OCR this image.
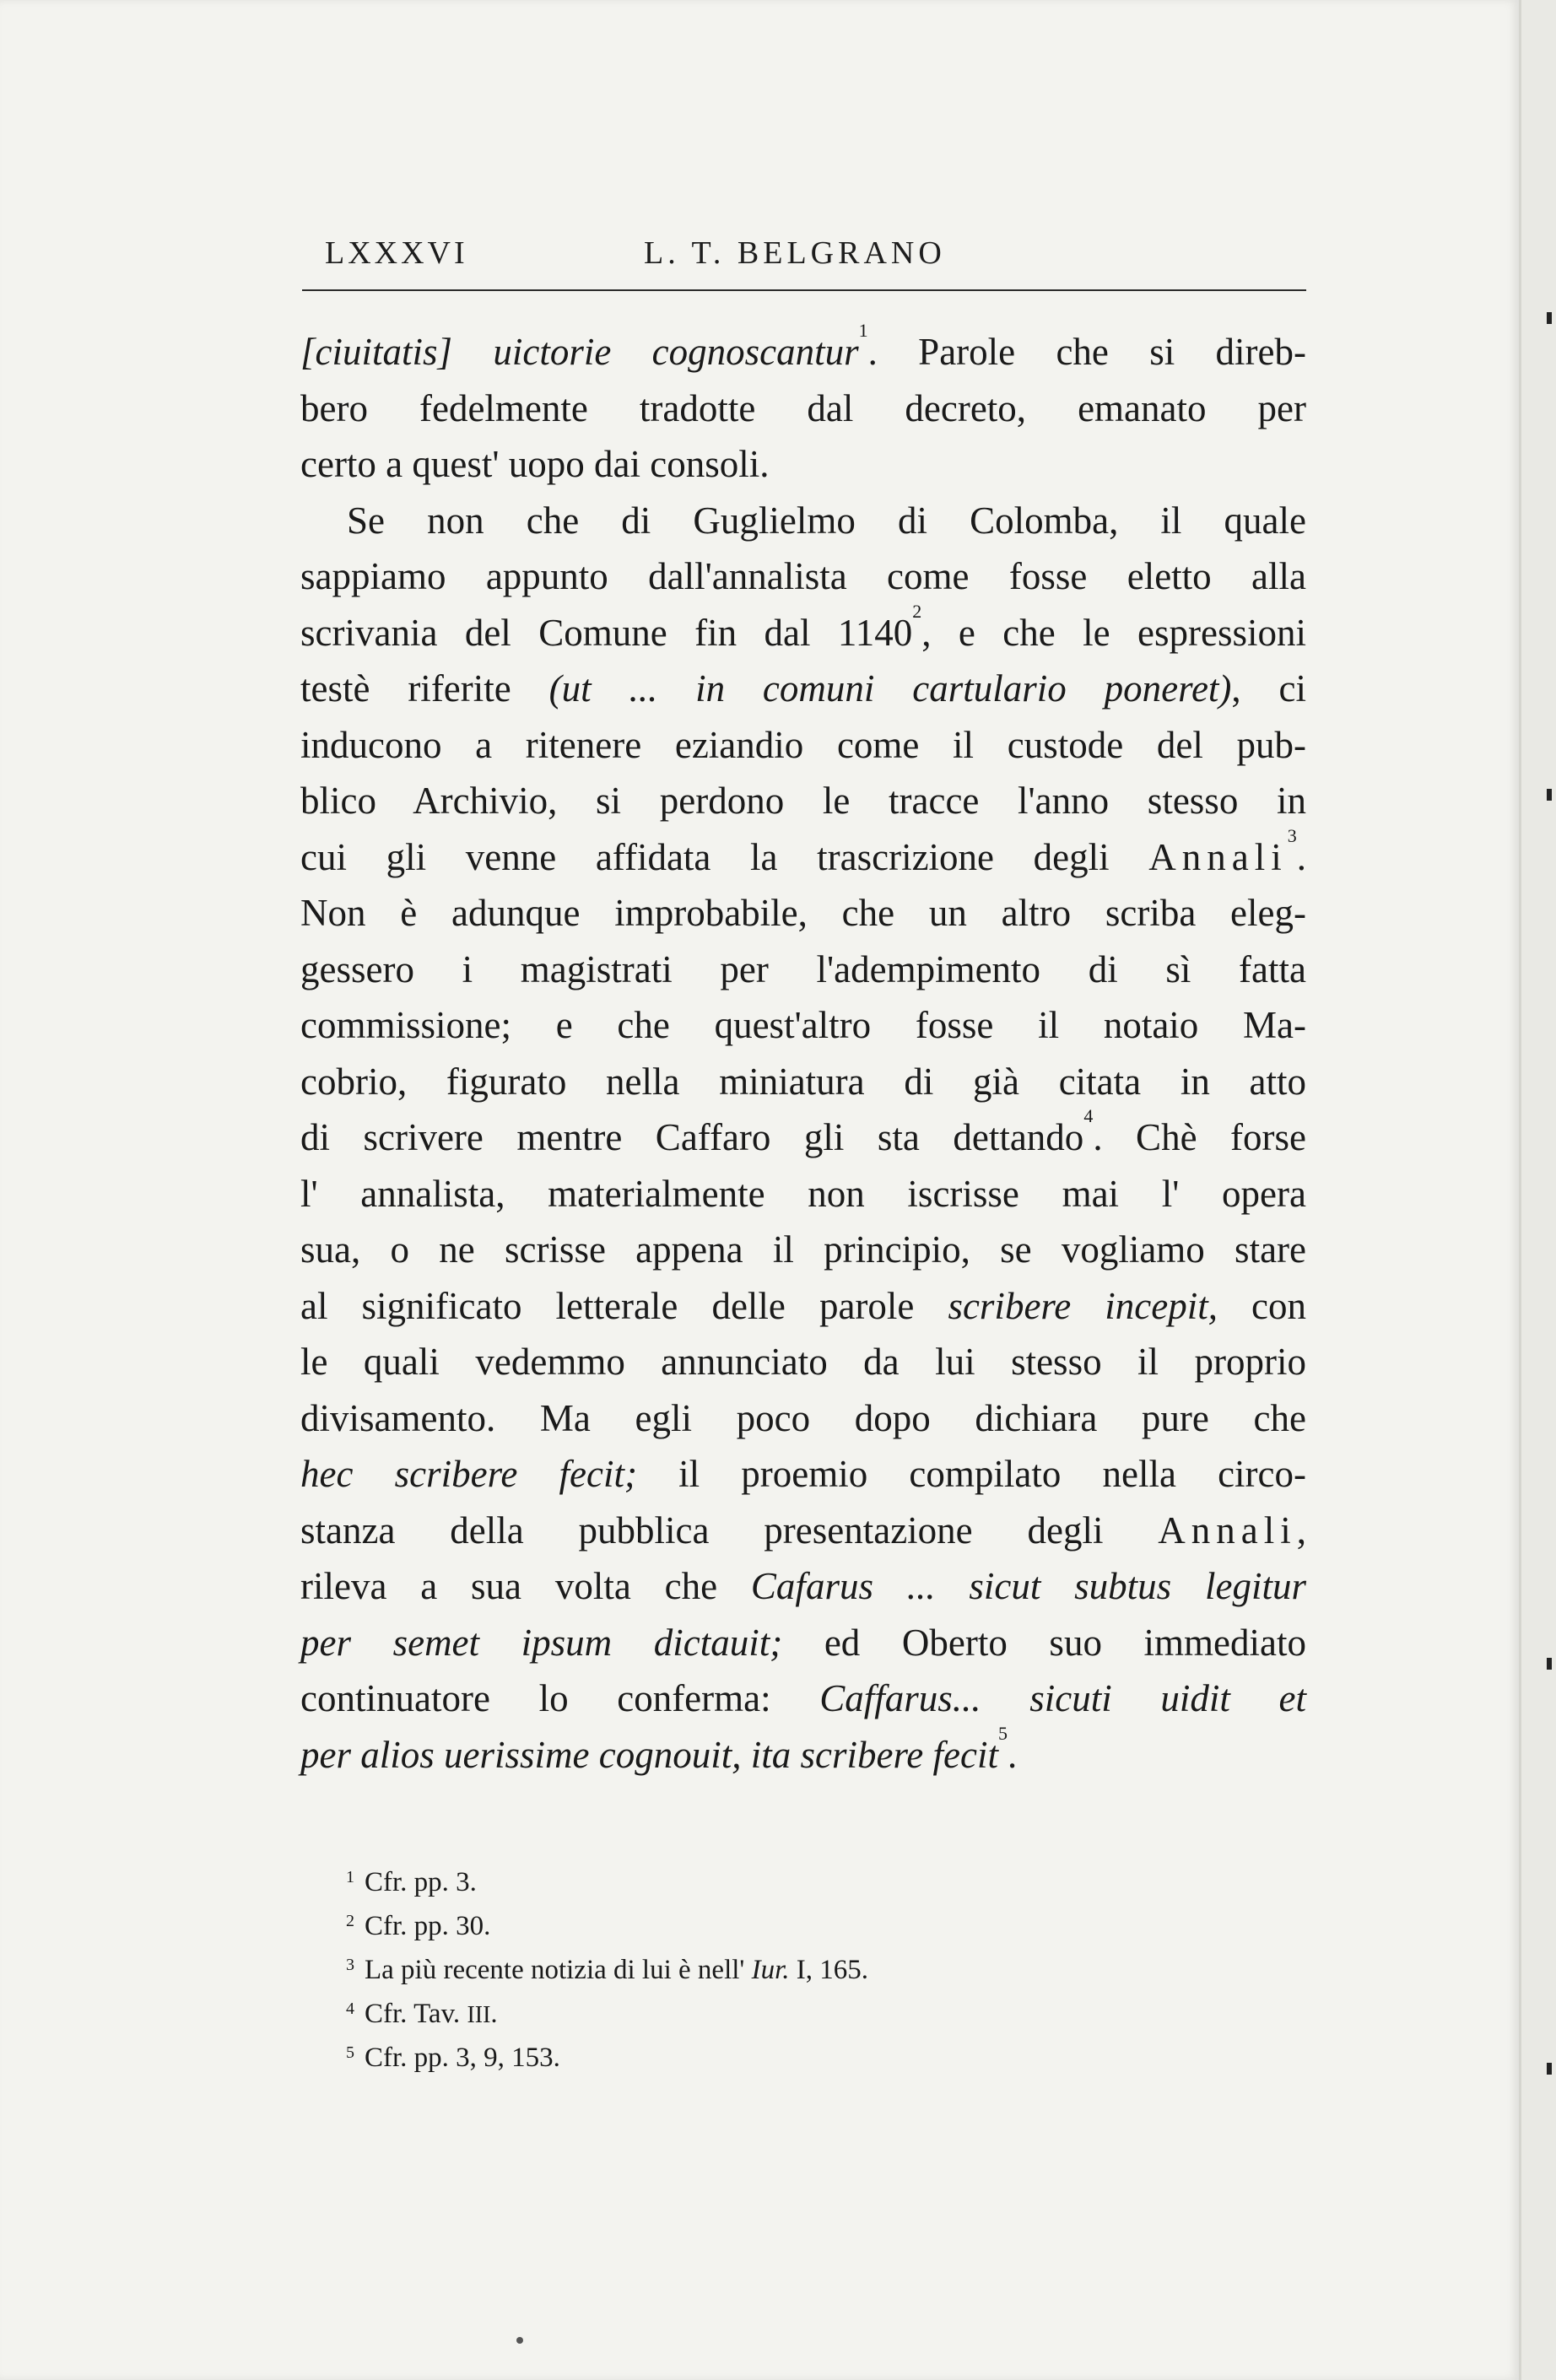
LXXXVI	L. T. BELGRANO
[ciuitatis] uictorie cognoscantur$^1$. Parole che si direb-
bero fedelmente tradotte dal decreto, emanato per
certo a quest' uopo dai consoli.
Se non che di Guglielmo di Colomba, il quale
sappiamo appunto dall'annalista come fosse eletto alla
scrivania del Comune fin dal 1140$^2$, e che le espressioni
testè riferite (ut ... in comuni cartulario poneret), ci
inducono a ritenere eziandio come il custode del pub-
blico Archivio, si perdono le tracce l'anno stesso in
cui gli venne affidata la trascrizione degli Annali$^3$.
Non è adunque improbabile, che un altro scriba eleg-
gessero i magistrati per l'adempimento di sì fatta
commissione; e che quest'altro fosse il notaio Ma-
cobrio, figurato nella miniatura di già citata in atto
di scrivere mentre Caffaro gli sta dettando$^4$. Chè forse
l' annalista, materialmente non iscrisse mai l' opera
sua, o ne scrisse appena il principio, se vogliamo stare
al significato letterale delle parole scribere incepit, con
le quali vedemmo annunciato da lui stesso il proprio
divisamento. Ma egli poco dopo dichiara pure che
hec scribere fecit; il proemio compilato nella circo-
stanza della pubblica presentazione degli Annali,
rileva a sua volta che Cafarus ... sicut subtus legitur
per semet ipsum dictauit; ed Oberto suo immediato
continuatore lo conferma: Caffarus... sicuti uidit et
per alios uerissime cognouit, ita scribere fecit$^5$.
1 Cfr. pp. 3.
2 Cfr. pp. 30.
3 La più recente notizia di lui è nell' Iur. I, 165.
4 Cfr. Tav. III.
5 Cfr. pp. 3, 9, 153.
